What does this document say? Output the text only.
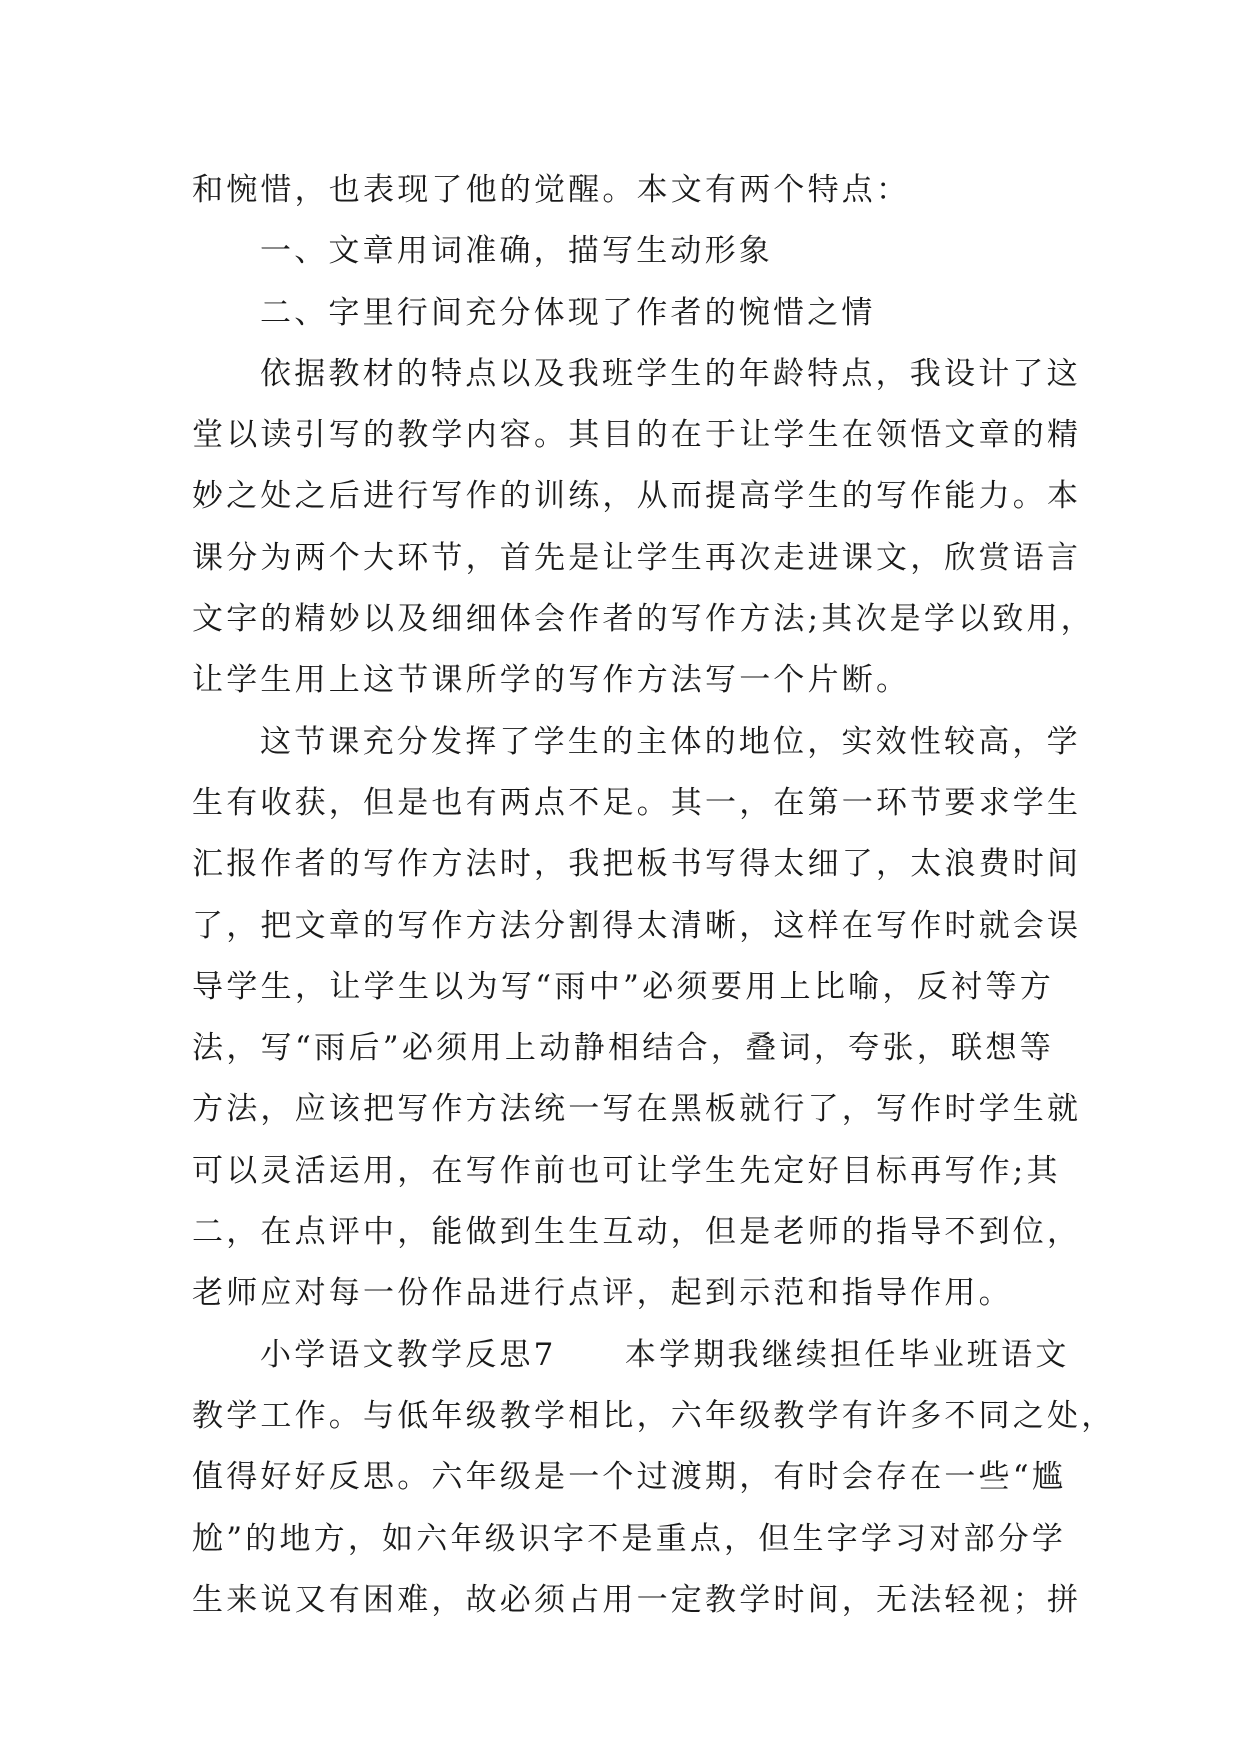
和惋惜，也表现了他的觉醒。本文有两个特点：
一、文章用词准确，描写生动形象
二、字里行间充分体现了作者的惋惜之情
依据教材的特点以及我班学生的年龄特点，我设计了这
堂以读引写的教学内容。其目的在于让学生在领悟文章的精
妙之处之后进行写作的训练，从而提高学生的写作能力。本
课分为两个大环节，首先是让学生再次走进课文，欣赏语言
文字的精妙以及细细体会作者的写作方法;其次是学以致用，
让学生用上这节课所学的写作方法写一个片断。
这节课充分发挥了学生的主体的地位，实效性较高，学
生有收获，但是也有两点不足。其一，在第一环节要求学生
汇报作者的写作方法时，我把板书写得太细了，太浪费时间
了，把文章的写作方法分割得太清晰，这样在写作时就会误
导学生，让学生以为写“雨中”必须要用上比喻，反衬等方
法，写“雨后”必须用上动静相结合，叠词，夸张，联想等
方法，应该把写作方法统一写在黑板就行了，写作时学生就
可以灵活运用，在写作前也可让学生先定好目标再写作;其
二，在点评中，能做到生生互动，但是老师的指导不到位，
老师应对每一份作品进行点评，起到示范和指导作用。
小学语文教学反思7　　本学期我继续担任毕业班语文
教学工作。与低年级教学相比，六年级教学有许多不同之处，
值得好好反思。六年级是一个过渡期，有时会存在一些“尴
尬”的地方，如六年级识字不是重点，但生字学习对部分学
生来说又有困难，故必须占用一定教学时间，无法轻视；拼
